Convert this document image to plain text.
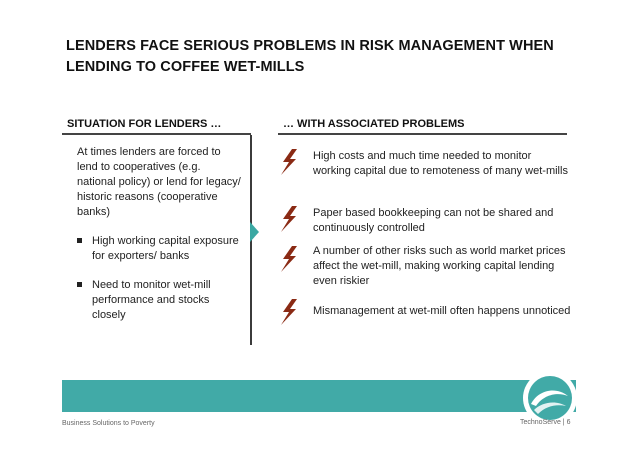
LENDERS FACE SERIOUS PROBLEMS IN RISK MANAGEMENT WHEN LENDING TO COFFEE WET-MILLS
SITUATION FOR LENDERS …	… WITH ASSOCIATED PROBLEMS

At times lenders are forced to lend to cooperatives (e.g. national policy) or lend for legacy/ historic reasons (cooperative banks)

High working capital exposure for exporters/ banks
Need to monitor wet-mill performance and stocks closely
High costs and much time needed to monitor working capital due to remoteness of many wet-mills
Paper based bookkeeping can not be shared and continuously controlled
A number of other risks such as world market prices affect the wet-mill, making working capital lending even riskier
Mismanagement at wet-mill often happens unnoticed
Business Solutions to Poverty	TechnoServe | 6
